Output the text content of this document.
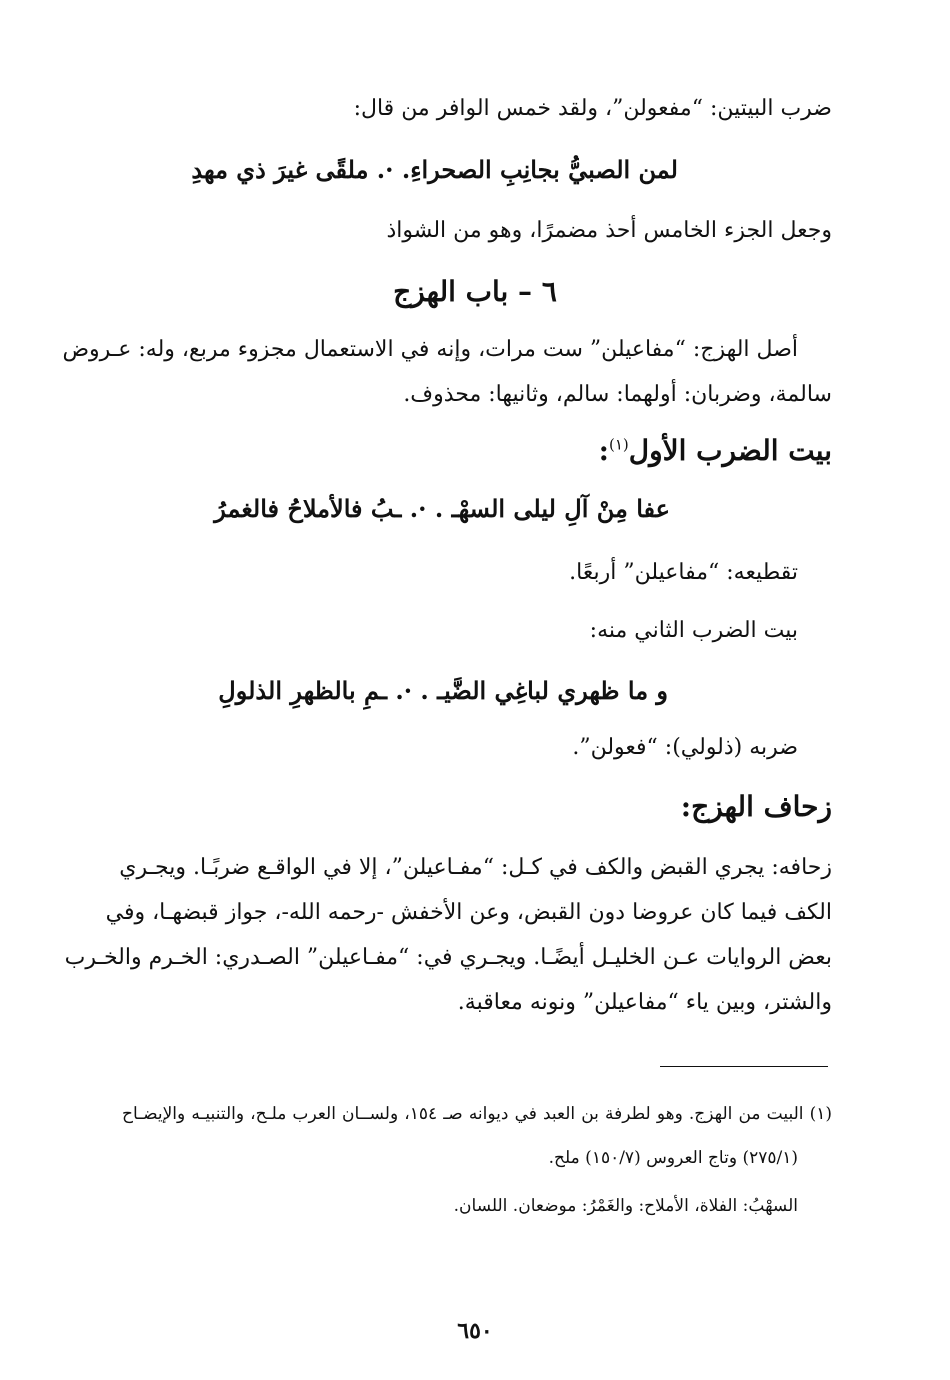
ضرب البيتين: “مفعولن”، ولقد خمس الوافر من قال:
لمن الصبيُّ بجانِبِ الصحراءِ. ·. ملقًى غيرَ ذي مهدِ
وجعل الجزء الخامس أحذ مضمرًا، وهو من الشواذ
٦ – باب الهزج
أصل الهزج: “مفاعيلن” ست مرات، وإنه في الاستعمال مجزوء مربع، وله: عـروض
سالمة، وضربان: أولهما: سالم، وثانيها: محذوف.
بيت الضرب الأول$^{(١)}$:
عفا مِنْ آلِ ليلى السهْـ . ·. ـبُ فالأملاحُ فالغمرُ
تقطيعه: “مفاعيلن” أربعًا.
بيت الضرب الثاني منه:
و ما ظهري لباغِي الضَّيـ . ·. ـمِ بالظهرِ الذلولِ
ضربه (ذلولي): “فعولن”.
زحاف الهزج:
زحافه: يجري القبض والكف في كـل: “مفـاعيلن”، إلا في الواقـع ضربًـا. ويجـري
الكف فيما كان عروضا دون القبض، وعن الأخفش -رحمه الله-، جواز قبضهـا، وفي
بعض الروايات عـن الخليـل أيضًـا. ويجـري في: “مفـاعيلن” الصـدري: الخـرم والخـرب
والشتر، وبين ياء “مفاعيلن” ونونه معاقبة.
(١) البيت من الهزج. وهو لطرفة بن العبد في ديوانه صـ ١٥٤، ولســان العرب ملـح، والتنبيـه والإيضـاح
(٢٧٥/١) وتاج العروس (١٥٠/٧) ملح.
السهْبُ: الفلاة، الأملاح: والغَمْرُ: موضعان. اللسان.
٦٥٠
